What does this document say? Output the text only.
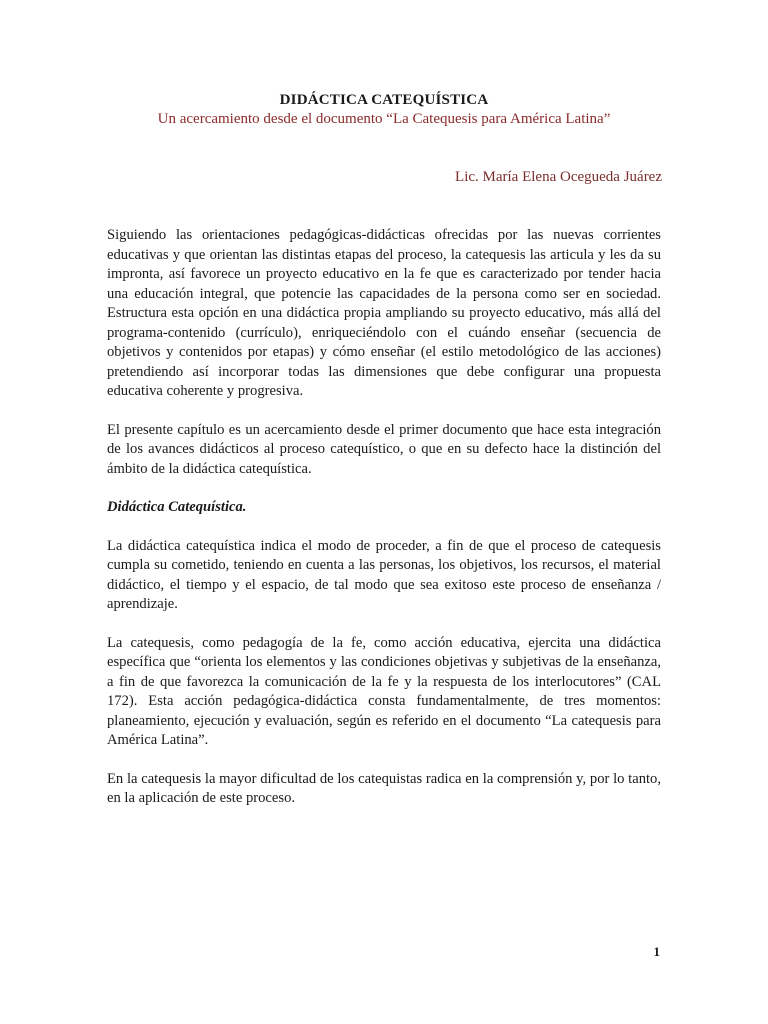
DIDÁCTICA CATEQUÍSTICA

Un acercamiento desde el documento “La Catequesis para América Latina”

Lic. María Elena Ocegueda Juárez

Siguiendo las orientaciones pedagógicas-didácticas ofrecidas por las nuevas corrientes educativas y que orientan las distintas etapas del proceso, la catequesis las articula y les da su impronta, así favorece un proyecto educativo en la fe que es caracterizado por tender hacia una educación integral, que potencie las capacidades de la persona como ser en sociedad. Estructura esta opción en una didáctica propia ampliando su proyecto educativo, más allá del programa-contenido (currículo), enriqueciéndolo con el cuándo enseñar (secuencia de objetivos y contenidos por etapas) y cómo enseñar (el estilo metodológico de las acciones) pretendiendo así incorporar todas las dimensiones que debe configurar una propuesta educativa coherente y progresiva.

El presente capítulo es un acercamiento desde el primer documento que hace esta integración de los avances didácticos al proceso catequístico, o que en su defecto hace la distinción del ámbito de la didáctica catequística.

Didáctica Catequística.

La didáctica catequística indica el modo de proceder, a fin de que el proceso de catequesis cumpla su cometido, teniendo en cuenta a las personas, los objetivos, los recursos, el material didáctico, el tiempo y el espacio, de tal modo que sea exitoso este proceso de enseñanza / aprendizaje.

La catequesis, como pedagogía de la fe, como acción educativa, ejercita una didáctica específica que “orienta los elementos y las condiciones objetivas y subjetivas de la enseñanza, a fin de que favorezca la comunicación de la fe y la respuesta de los interlocutores” (CAL 172). Esta acción pedagógica-didáctica consta fundamentalmente, de tres momentos: planeamiento, ejecución y evaluación, según es referido en el documento “La catequesis para América Latina”.

En la catequesis la mayor dificultad de los catequistas radica en la comprensión y, por lo tanto, en la aplicación de este proceso.

1
